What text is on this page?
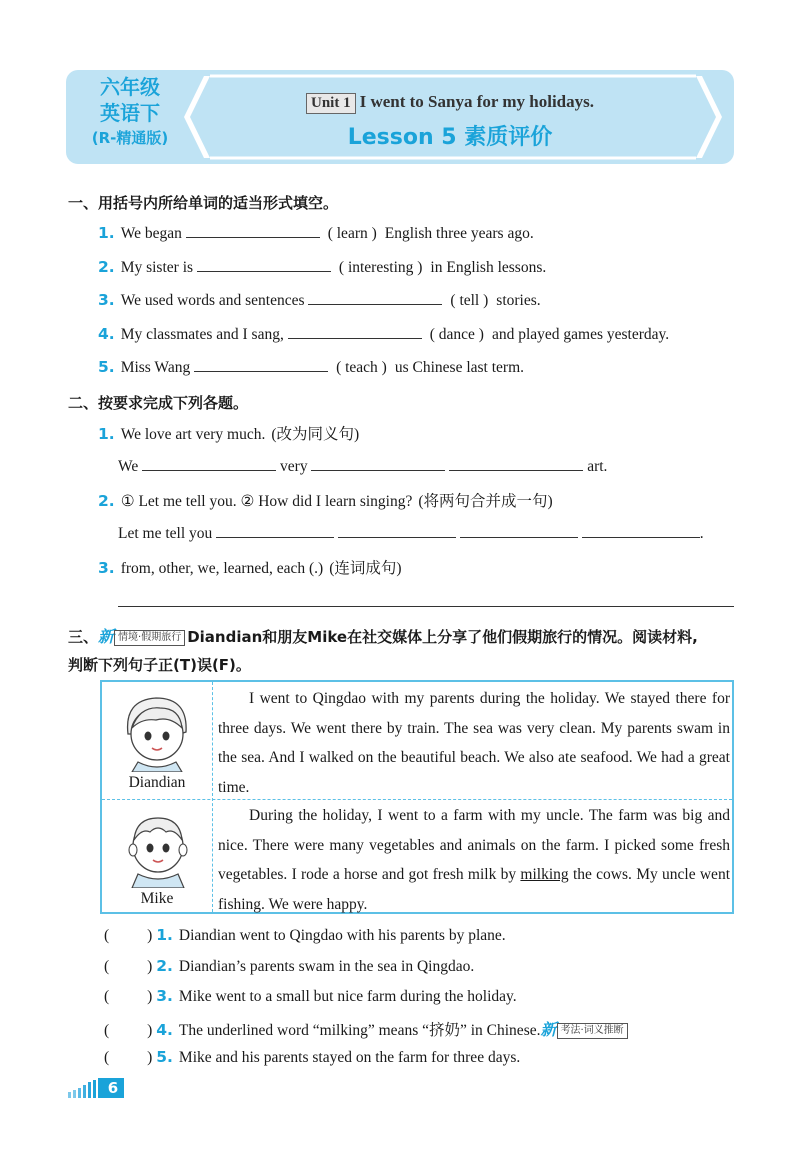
六年级
英语下
(R-精通版)
Unit 1 I went to Sanya for my holidays.
Lesson 5 素质评价
一、用括号内所给单词的适当形式填空。
1. We began	( learn ) English three years ago.
2. My sister is	( interesting ) in English lessons.
3. We used words and sentences	( tell ) stories.
4. My classmates and I sang,	( dance ) and played games yesterday.
5. Miss Wang	( teach ) us Chinese last term.
二、按要求完成下列各题。
1. We love art very much. (改为同义句)
We	very	art.
2. ① Let me tell you. ② How did I learn singing? (将两句合并成一句)
Let me tell you	.
3. from, other, we, learned, each (.) (连词成句)
三、新 情境·假期旅行 Diandian和朋友Mike在社交媒体上分享了他们假期旅行的情况。阅读材料,
判断下列句子正(T)误(F)。
Diandian
I went to Qingdao with my parents during the holiday. We stayed there for three days. We went there by train. The sea was very clean. My parents swam in the sea. And I walked on the beautiful beach. We also ate seafood. We had a great time.
Mike
During the holiday, I went to a farm with my uncle. The farm was big and nice. There were many vegetables and animals on the farm. I picked some fresh vegetables. I rode a horse and got fresh milk by milking the cows. My uncle went fishing. We were happy.
( ) 1. Diandian went to Qingdao with his parents by plane.
( ) 2. Diandian’s parents swam in the sea in Qingdao.
( ) 3. Mike went to a small but nice farm during the holiday.
( ) 4. The underlined word “milking” means “挤奶” in Chinese.新 考法·词义推断
( ) 5. Mike and his parents stayed on the farm for three days.
6
